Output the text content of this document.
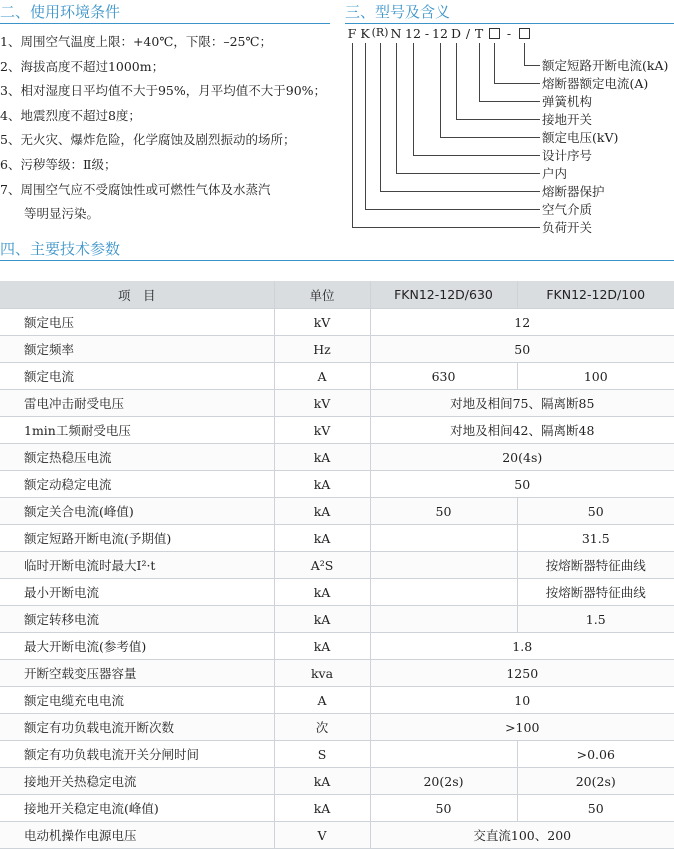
二、使用环境条件	三、型号及含义
1、周围空气温度上限：+40℃，下限：–25℃；
2、海拔高度不超过1000m；
3、相对湿度日平均值不大于95%，月平均值不大于90%；
4、地震烈度不超过8度；
5、无火灾、爆炸危险，化学腐蚀及剧烈振动的场所；
6、污秽等级：Ⅱ级；
7、周围空气应不受腐蚀性或可燃性气体及水蒸汽
等明显污染。
F K (R) N 12 - 12 D / T	-
额定短路开断电流(kA)
熔断器额定电流(A)
弹簧机构
接地开关
额定电压(kV)
设计序号
户内
熔断器保护
空气介质
负荷开关
四、主要技术参数
项　目	单位	FKN12-12D/630	FKN12-12D/100
额定电压	kV	12	
额定频率	Hz	50	
额定电流	A	630	100
雷电冲击耐受电压	kV	对地及相间75、隔离断85	
1min工频耐受电压	kV	对地及相间42、隔离断48	
额定热稳压电流	kA	20(4s)	
额定动稳定电流	kA	50	
额定关合电流(峰值)	kA	50	50
额定短路开断电流(予期值)	kA		31.5
临时开断电流时最大Ⅰ²·t	A²S		按熔断器特征曲线
最小开断电流	kA		按熔断器特征曲线
额定转移电流	kA		1.5
最大开断电流(参考值)	kA	1.8	
开断空载变压器容量	kva	1250	
额定电缆充电电流	A	10	
额定有功负载电流开断次数	次	>100	
额定有功负载电流开关分闸时间	S		>0.06
接地开关热稳定电流	kA	20(2s)	20(2s)
接地开关稳定电流(峰值)	kA	50	50
电动机操作电源电压	V	交直流100、200	
